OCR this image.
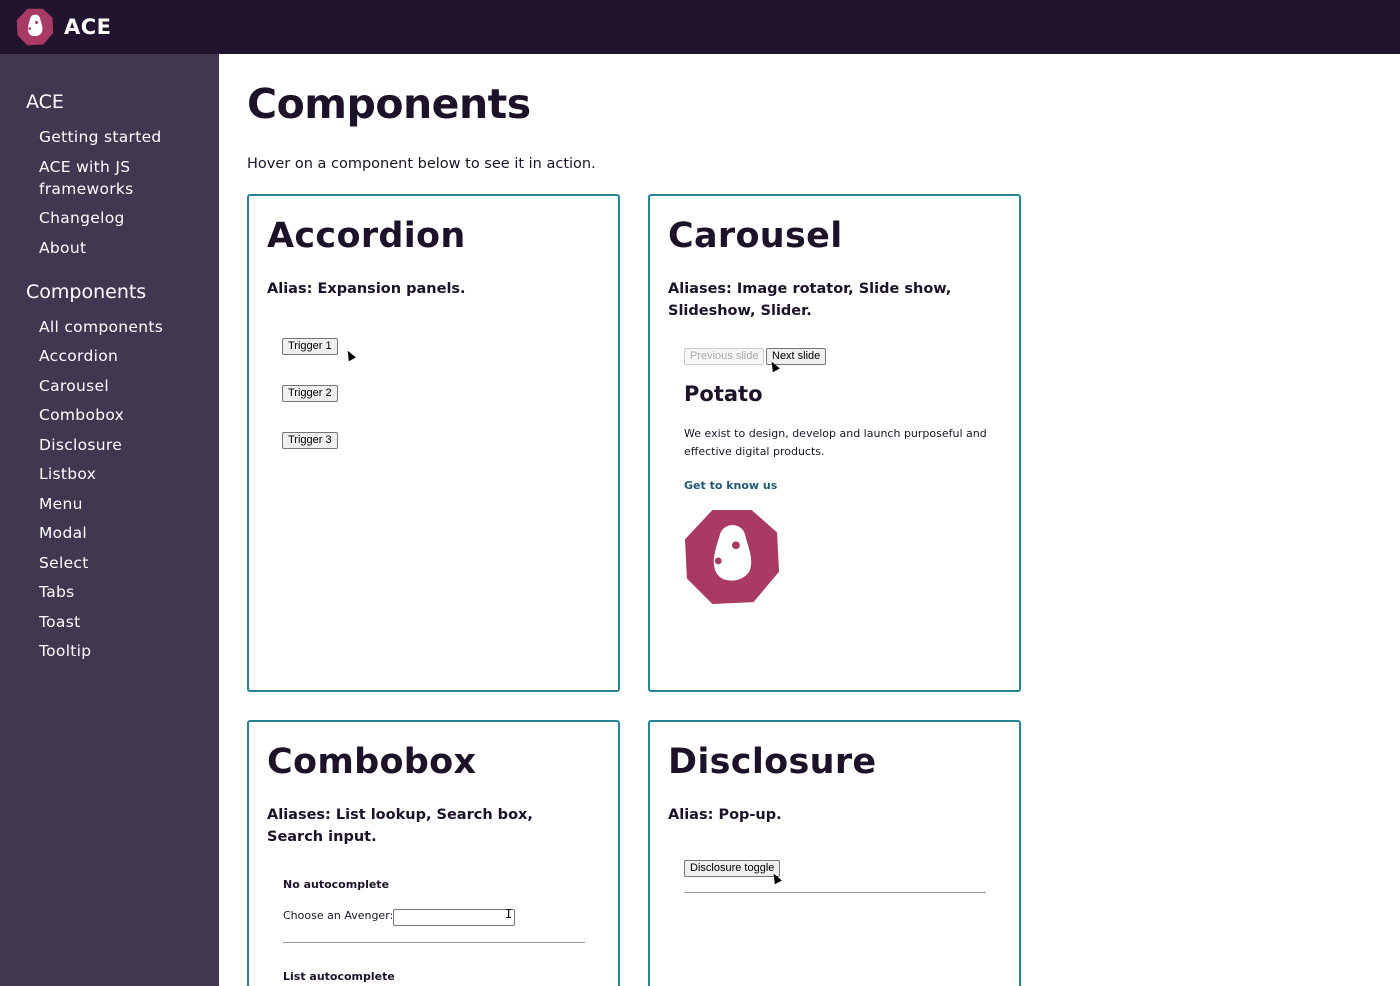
ACE
ACE
Getting started
ACE with JS frameworks
Changelog
About
Components
All components
Accordion
Carousel
Combobox
Disclosure
Listbox
Menu
Modal
Select
Tabs
Toast
Tooltip
Components

Hover on a component below to see it in action.

Accordion

Alias: Expansion panels.

Trigger 1
Trigger 2
Trigger 3
Carousel

Aliases: Image rotator, Slide show, Slideshow, Slider.

Previous slide	Next slide
Potato

We exist to design, develop and launch purposeful and effective digital products.

Get to know us
Combobox

Aliases: List lookup, Search box, Search input.

No autocomplete
Choose an Avenger:	I
List autocomplete
Disclosure

Alias: Pop-up.

Disclosure toggle
